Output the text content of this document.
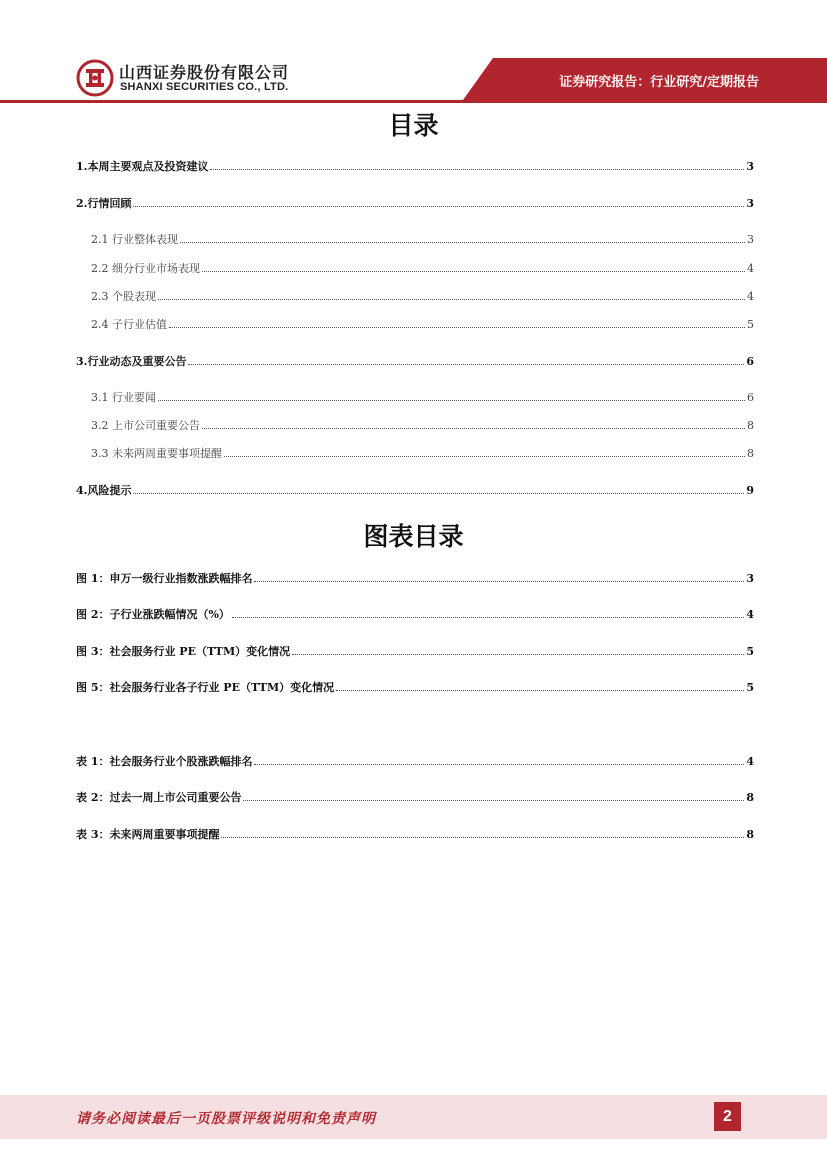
山西证券股份有限公司
SHANXI SECURITIES CO., LTD.	证券研究报告：行业研究/定期报告
目录
1.本周主要观点及投资建议	3
2.行情回顾	3
2.1 行业整体表现	3
2.2 细分行业市场表现	4
2.3 个股表现	4
2.4 子行业估值	5
3.行业动态及重要公告	6
3.1 行业要闻	6
3.2 上市公司重要公告	8
3.3 未来两周重要事项提醒	8
4.风险提示	9
图表目录
图 1：申万一级行业指数涨跌幅排名	3
图 2：子行业涨跌幅情况（%）	4
图 3：社会服务行业 PE（TTM）变化情况	5
图 5：社会服务行业各子行业 PE（TTM）变化情况	5
表 1：社会服务行业个股涨跌幅排名	4
表 2：过去一周上市公司重要公告	8
表 3：未来两周重要事项提醒	8
请务必阅读最后一页股票评级说明和免责声明	2
